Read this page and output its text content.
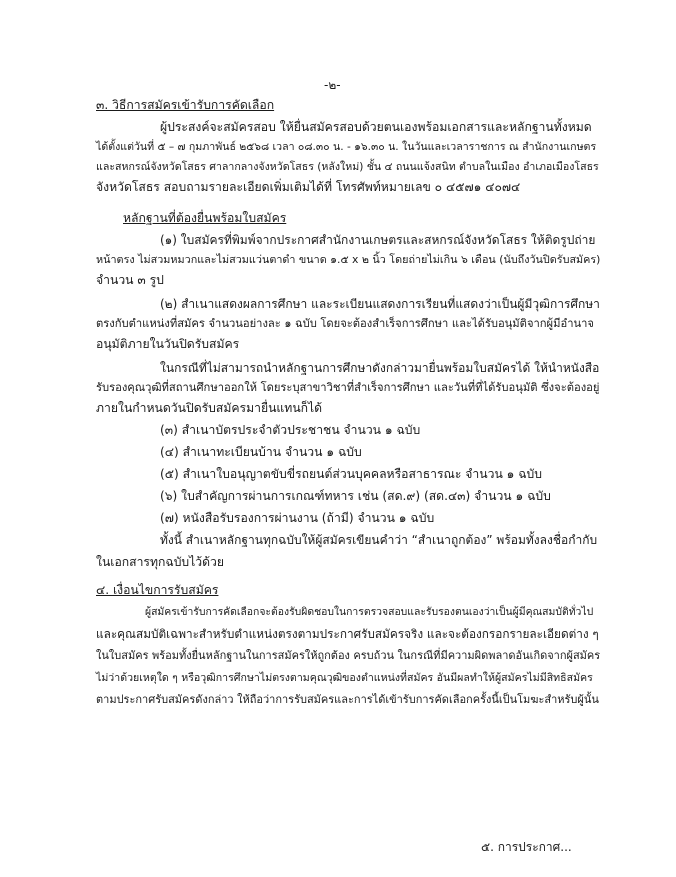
-๒-
๓. วิธีการสมัครเข้ารับการคัดเลือก
ผู้ประสงค์จะสมัครสอบ ให้ยื่นสมัครสอบด้วยตนเองพร้อมเอกสารและหลักฐานทั้งหมด
ได้ตั้งแต่วันที่ ๕ – ๗ กุมภาพันธ์ ๒๕๖๘ เวลา ๐๘.๓๐ น. - ๑๖.๓๐ น. ในวันและเวลาราชการ ณ สำนักงานเกษตร
และสหกรณ์จังหวัดโสธร ศาลากลางจังหวัดโสธร (หลังใหม่) ชั้น ๔ ถนนแจ้งสนิท ตำบลในเมือง อำเภอเมืองโสธร
จังหวัดโสธร สอบถามรายละเอียดเพิ่มเติมได้ที่ โทรศัพท์หมายเลข ๐ ๔๕๗๑ ๔๐๗๔
หลักฐานที่ต้องยื่นพร้อมใบสมัคร
(๑) ใบสมัครที่พิมพ์จากประกาศสำนักงานเกษตรและสหกรณ์จังหวัดโสธร ให้ติดรูปถ่าย
หน้าตรง ไม่สวมหมวกและไม่สวมแว่นตาดำ ขนาด ๑.๕ x ๒ นิ้ว โดยถ่ายไม่เกิน ๖ เดือน (นับถึงวันปิดรับสมัคร)
จำนวน ๓ รูป
(๒) สำเนาแสดงผลการศึกษา และระเบียนแสดงการเรียนที่แสดงว่าเป็นผู้มีวุฒิการศึกษา
ตรงกับตำแหน่งที่สมัคร จำนวนอย่างละ ๑ ฉบับ โดยจะต้องสำเร็จการศึกษา และได้รับอนุมัติจากผู้มีอำนาจ
อนุมัติภายในวันปิดรับสมัคร
ในกรณีที่ไม่สามารถนำหลักฐานการศึกษาดังกล่าวมายื่นพร้อมใบสมัครได้ ให้นำหนังสือ
รับรองคุณวุฒิที่สถานศึกษาออกให้ โดยระบุสาขาวิชาที่สำเร็จการศึกษา และวันที่ที่ได้รับอนุมัติ ซึ่งจะต้องอยู่
ภายในกำหนดวันปิดรับสมัครมายื่นแทนก็ได้
(๓) สำเนาบัตรประจำตัวประชาชน จำนวน ๑ ฉบับ
(๔) สำเนาทะเบียนบ้าน จำนวน ๑ ฉบับ
(๕) สำเนาใบอนุญาตขับขี่รถยนต์ส่วนบุคคลหรือสาธารณะ จำนวน ๑ ฉบับ
(๖) ใบสำคัญการผ่านการเกณฑ์ทหาร เช่น (สด.๙) (สด.๔๓) จำนวน ๑ ฉบับ
(๗) หนังสือรับรองการผ่านงาน (ถ้ามี) จำนวน ๑ ฉบับ
ทั้งนี้ สำเนาหลักฐานทุกฉบับให้ผู้สมัครเขียนคำว่า “สำเนาถูกต้อง” พร้อมทั้งลงชื่อกำกับ
ในเอกสารทุกฉบับไว้ด้วย
๔. เงื่อนไขการรับสมัคร
ผู้สมัครเข้ารับการคัดเลือกจะต้องรับผิดชอบในการตรวจสอบและรับรองตนเองว่าเป็นผู้มีคุณสมบัติทั่วไป
และคุณสมบัติเฉพาะสำหรับตำแหน่งตรงตามประกาศรับสมัครจริง และจะต้องกรอกรายละเอียดต่าง ๆ
ในใบสมัคร พร้อมทั้งยื่นหลักฐานในการสมัครให้ถูกต้อง ครบถ้วน ในกรณีที่มีความผิดพลาดอันเกิดจากผู้สมัคร
ไม่ว่าด้วยเหตุใด ๆ หรือวุฒิการศึกษาไม่ตรงตามคุณวุฒิของตำแหน่งที่สมัคร อันมีผลทำให้ผู้สมัครไม่มีสิทธิสมัคร
ตามประกาศรับสมัครดังกล่าว ให้ถือว่าการรับสมัครและการได้เข้ารับการคัดเลือกครั้งนี้เป็นโมฆะสำหรับผู้นั้น
๕. การประกาศ...
